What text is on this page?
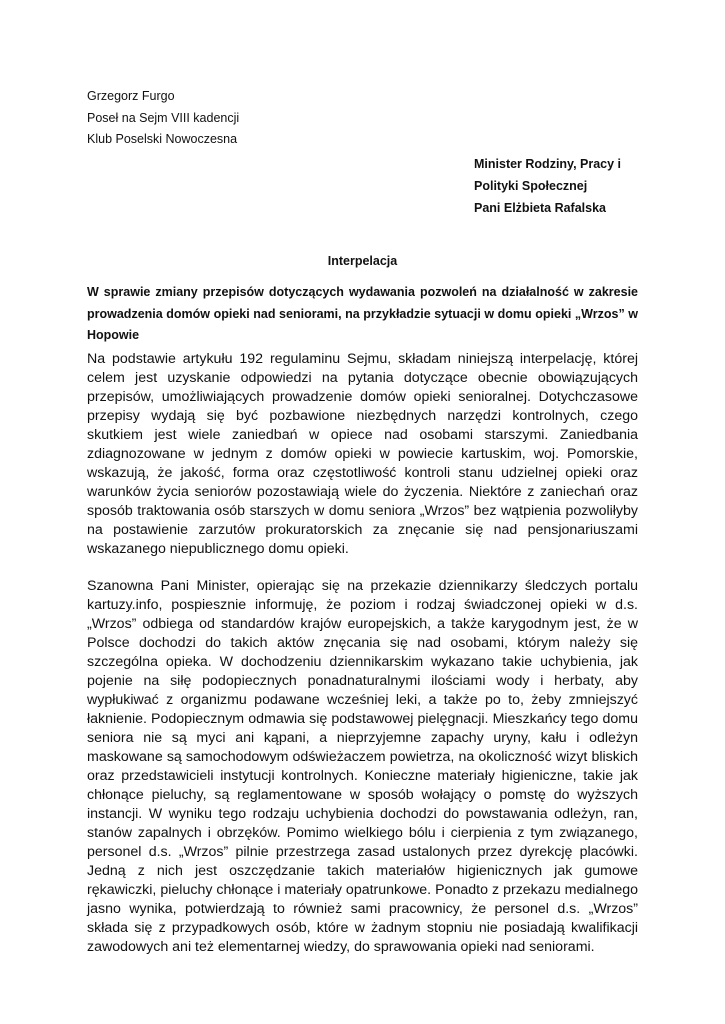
Grzegorz Furgo
Poseł na Sejm VIII kadencji
Klub Poselski Nowoczesna
Minister Rodziny, Pracy i
Polityki Społecznej
Pani Elżbieta Rafalska
Interpelacja
W sprawie zmiany przepisów dotyczących wydawania pozwoleń na działalność w zakresie prowadzenia domów opieki nad seniorami, na przykładzie sytuacji w domu opieki „Wrzos” w Hopowie

Na podstawie artykułu 192 regulaminu Sejmu, składam niniejszą interpelację, której celem jest uzyskanie odpowiedzi na pytania dotyczące obecnie obowiązujących przepisów, umożliwiających prowadzenie domów opieki senioralnej. Dotychczasowe przepisy wydają się być pozbawione niezbędnych narzędzi kontrolnych, czego skutkiem jest wiele zaniedbań w opiece nad osobami starszymi. Zaniedbania zdiagnozowane w jednym z domów opieki w powiecie kartuskim, woj. Pomorskie, wskazują, że jakość, forma oraz częstotliwość kontroli stanu udzielnej opieki oraz warunków życia seniorów pozostawiają wiele do życzenia. Niektóre z zaniechań oraz sposób traktowania osób starszych w domu seniora „Wrzos” bez wątpienia pozwoliłyby na postawienie zarzutów prokuratorskich za znęcanie się nad pensjonariuszami wskazanego niepublicznego domu opieki.

Szanowna Pani Minister, opierając się na przekazie dziennikarzy śledczych portalu kartuzy.info, pospiesznie informuję, że poziom i rodzaj świadczonej opieki w d.s. „Wrzos” odbiega od standardów krajów europejskich, a także karygodnym jest, że w Polsce dochodzi do takich aktów znęcania się nad osobami, którym należy się szczególna opieka. W dochodzeniu dziennikarskim wykazano takie uchybienia, jak pojenie na siłę podopiecznych ponadnaturalnymi ilościami wody i herbaty, aby wypłukiwać z organizmu podawane wcześniej leki, a także po to, żeby zmniejszyć łaknienie. Podopiecznym odmawia się podstawowej pielęgnacji. Mieszkańcy tego domu seniora nie są myci ani kąpani, a nieprzyjemne zapachy uryny, kału i odleżyn maskowane są samochodowym odświeżaczem powietrza, na okoliczność wizyt bliskich oraz przedstawicieli instytucji kontrolnych. Konieczne materiały higieniczne, takie jak chłonące pieluchy, są reglamentowane w sposób wołający o pomstę do wyższych instancji. W wyniku tego rodzaju uchybienia dochodzi do powstawania odleżyn, ran, stanów zapalnych i obrzęków. Pomimo wielkiego bólu i cierpienia z tym związanego, personel d.s. „Wrzos” pilnie przestrzega zasad ustalonych przez dyrekcję placówki. Jedną z nich jest oszczędzanie takich materiałów higienicznych jak gumowe rękawiczki, pieluchy chłonące i materiały opatrunkowe. Ponadto z przekazu medialnego jasno wynika, potwierdzają to również sami pracownicy, że personel d.s. „Wrzos” składa się z przypadkowych osób, które w żadnym stopniu nie posiadają kwalifikacji zawodowych ani też elementarnej wiedzy, do sprawowania opieki nad seniorami.
